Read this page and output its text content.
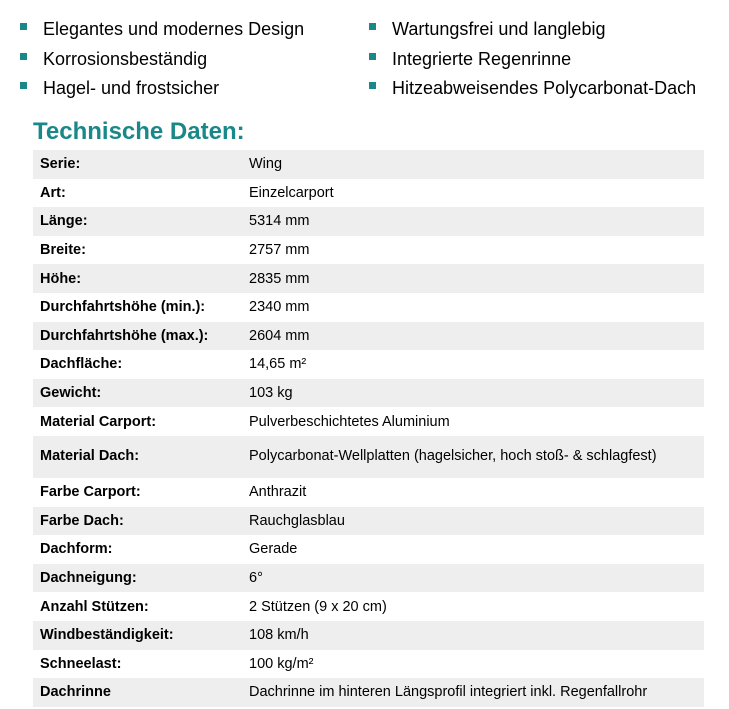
Elegantes und modernes Design
Korrosionsbeständig
Hagel- und frostsicher
Wartungsfrei und langlebig
Integrierte Regenrinne
Hitzeabweisendes Polycarbonat-Dach
Technische Daten:
Serie:	Wing
Art:	Einzelcarport
Länge:	5314 mm
Breite:	2757 mm
Höhe:	2835 mm
Durchfahrtshöhe (min.):	2340 mm
Durchfahrtshöhe (max.):	2604 mm
Dachfläche:	14,65 m²
Gewicht:	103 kg
Material Carport:	Pulverbeschichtetes Aluminium
Material Dach:	Polycarbonat-Wellplatten (hagelsicher, hoch stoß- & schlagfest)
Farbe Carport:	Anthrazit
Farbe Dach:	Rauchglasblau
Dachform:	Gerade
Dachneigung:	6°
Anzahl Stützen:	2 Stützen (9 x 20 cm)
Windbeständigkeit:	108 km/h
Schneelast:	100 kg/m²
Dachrinne	Dachrinne im hinteren Längsprofil integriert inkl. Regenfallrohr
